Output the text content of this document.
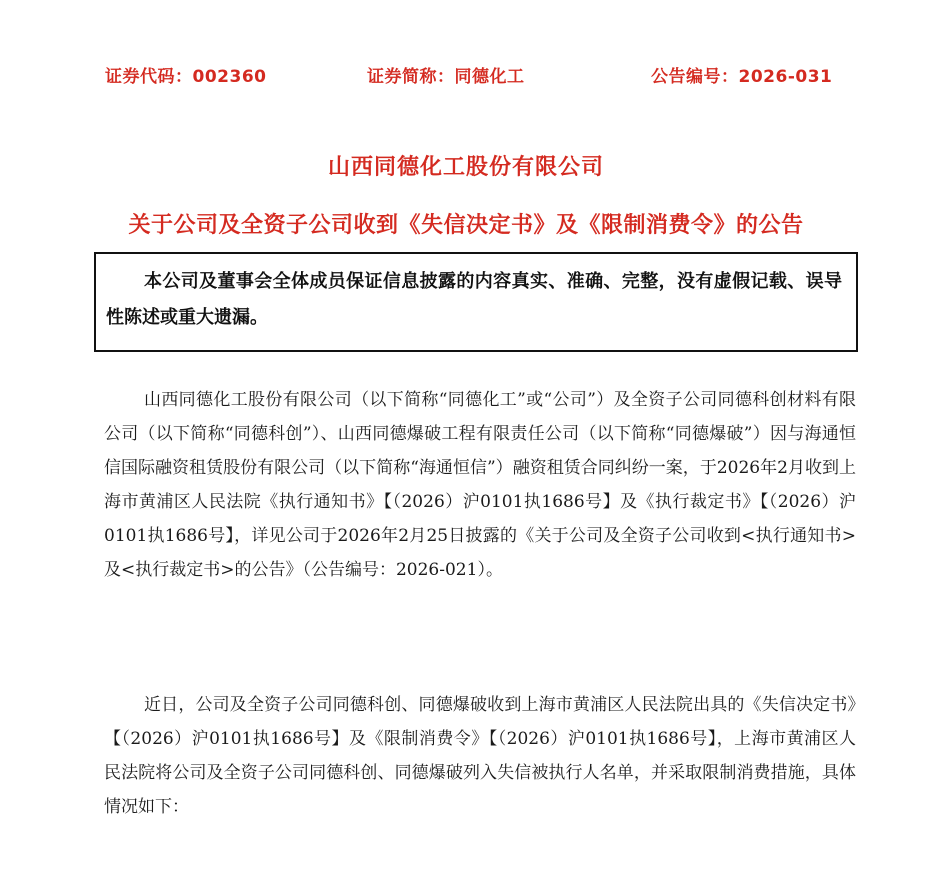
证券代码：002360	证券简称：同德化工	公告编号：2026-031
山西同德化工股份有限公司
关于公司及全资子公司收到《失信决定书》及《限制消费令》的公告
本公司及董事会全体成员保证信息披露的内容真实、准确、完整，没有虚假记载、误导性陈述或重大遗漏。

山西同德化工股份有限公司（以下简称“同德化工”或“公司”）及全资子公司同德科创材料有限公司（以下简称“同德科创”）、山西同德爆破工程有限责任公司（以下简称“同德爆破”）因与海通恒信国际融资租赁股份有限公司（以下简称“海通恒信”）融资租赁合同纠纷一案，于2026年2月收到上海市黄浦区人民法院《执行通知书》【（2026）沪0101执1686号】及《执行裁定书》【（2026）沪0101执1686号】，详见公司于2026年2月25日披露的《关于公司及全资子公司收到<执行通知书>及<执行裁定书>的公告》（公告编号：2026-021）。

近日，公司及全资子公司同德科创、同德爆破收到上海市黄浦区人民法院出具的《失信决定书》【（2026）沪0101执1686号】及《限制消费令》【（2026）沪0101执1686号】，上海市黄浦区人民法院将公司及全资子公司同德科创、同德爆破列入失信被执行人名单，并采取限制消费措施，具体情况如下：
